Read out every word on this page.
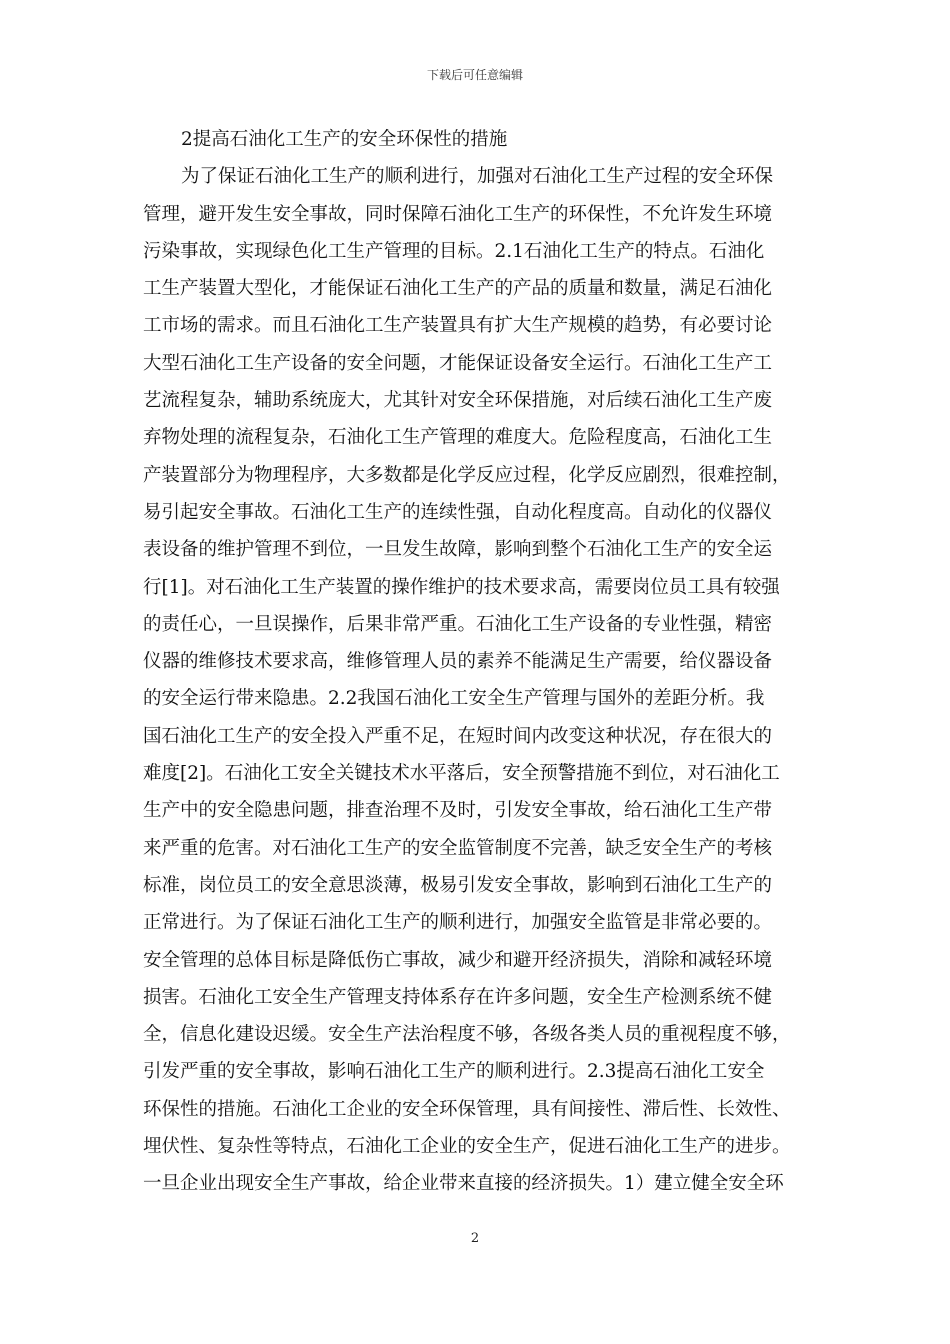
下载后可任意编辑
2提高石油化工生产的安全环保性的措施
为了保证石油化工生产的顺利进行，加强对石油化工生产过程的安全环保
管理，避开发生安全事故，同时保障石油化工生产的环保性，不允许发生环境
污染事故，实现绿色化工生产管理的目标。2.1石油化工生产的特点。石油化
工生产装置大型化，才能保证石油化工生产的产品的质量和数量，满足石油化
工市场的需求。而且石油化工生产装置具有扩大生产规模的趋势，有必要讨论
大型石油化工生产设备的安全问题，才能保证设备安全运行。石油化工生产工
艺流程复杂，辅助系统庞大，尤其针对安全环保措施，对后续石油化工生产废
弃物处理的流程复杂，石油化工生产管理的难度大。危险程度高，石油化工生
产装置部分为物理程序，大多数都是化学反应过程，化学反应剧烈，很难控制，
易引起安全事故。石油化工生产的连续性强，自动化程度高。自动化的仪器仪
表设备的维护管理不到位，一旦发生故障，影响到整个石油化工生产的安全运
行[1]。对石油化工生产装置的操作维护的技术要求高，需要岗位员工具有较强
的责任心，一旦误操作，后果非常严重。石油化工生产设备的专业性强，精密
仪器的维修技术要求高，维修管理人员的素养不能满足生产需要，给仪器设备
的安全运行带来隐患。2.2我国石油化工安全生产管理与国外的差距分析。我
国石油化工生产的安全投入严重不足，在短时间内改变这种状况，存在很大的
难度[2]。石油化工安全关键技术水平落后，安全预警措施不到位，对石油化工
生产中的安全隐患问题，排查治理不及时，引发安全事故，给石油化工生产带
来严重的危害。对石油化工生产的安全监管制度不完善，缺乏安全生产的考核
标准，岗位员工的安全意思淡薄，极易引发安全事故，影响到石油化工生产的
正常进行。为了保证石油化工生产的顺利进行，加强安全监管是非常必要的。
安全管理的总体目标是降低伤亡事故，减少和避开经济损失，消除和减轻环境
损害。石油化工安全生产管理支持体系存在许多问题，安全生产检测系统不健
全，信息化建设迟缓。安全生产法治程度不够，各级各类人员的重视程度不够，
引发严重的安全事故，影响石油化工生产的顺利进行。2.3提高石油化工安全
环保性的措施。石油化工企业的安全环保管理，具有间接性、滞后性、长效性、
埋伏性、复杂性等特点，石油化工企业的安全生产，促进石油化工生产的进步。
一旦企业出现安全生产事故，给企业带来直接的经济损失。1）建立健全安全环
2
